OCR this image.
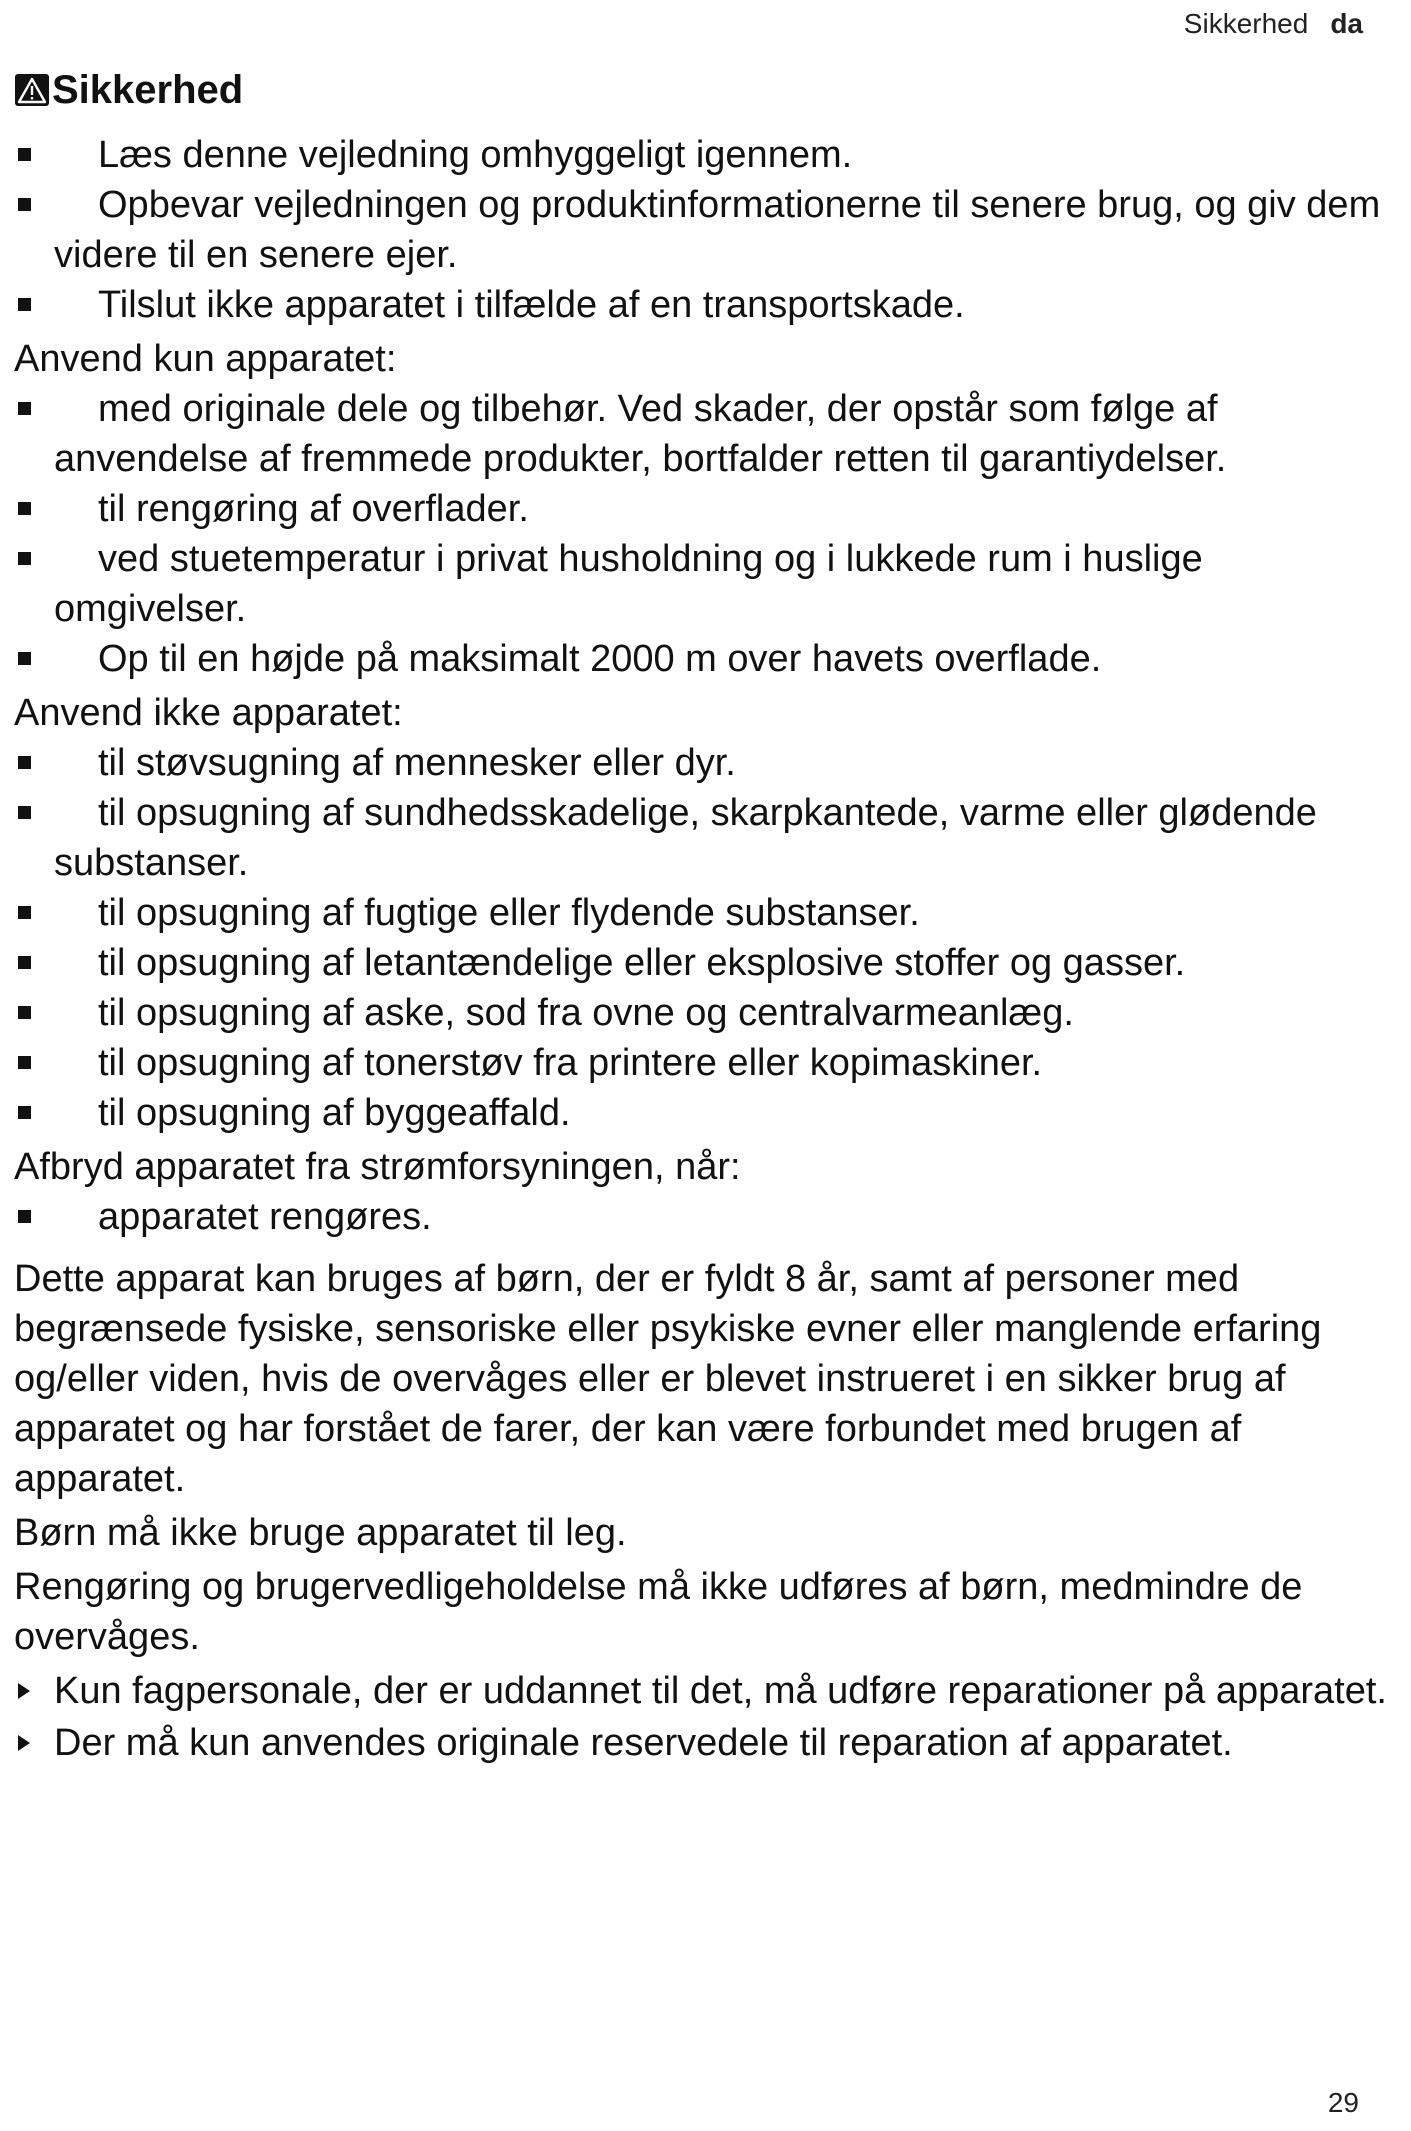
Sikkerhed da
Sikkerhed
Læs denne vejledning omhyggeligt igennem.
Opbevar vejledningen og produktinformationerne til senere brug, og giv dem videre til en senere ejer.
Tilslut ikke apparatet i tilfælde af en transportskade.
Anvend kun apparatet:
med originale dele og tilbehør. Ved skader, der opstår som følge af anvendelse af fremmede produkter, bortfalder retten til garantiydelser.
til rengøring af overflader.
ved stuetemperatur i privat husholdning og i lukkede rum i huslige omgivelser.
Op til en højde på maksimalt 2000 m over havets overflade.
Anvend ikke apparatet:
til støvsugning af mennesker eller dyr.
til opsugning af sundhedsskadelige, skarpkantede, varme eller glødende substanser.
til opsugning af fugtige eller flydende substanser.
til opsugning af letantændelige eller eksplosive stoffer og gasser.
til opsugning af aske, sod fra ovne og centralvarmeanlæg.
til opsugning af tonerstøv fra printere eller kopimaskiner.
til opsugning af byggeaffald.
Afbryd apparatet fra strømforsyningen, når:
apparatet rengøres.
Dette apparat kan bruges af børn, der er fyldt 8 år, samt af personer med begrænsede fysiske, sensoriske eller psykiske evner eller manglende erfaring og/eller viden, hvis de overvåges eller er blevet instrueret i en sikker brug af apparatet og har forstået de farer, der kan være forbundet med brugen af apparatet.
Børn må ikke bruge apparatet til leg.
Rengøring og brugervedligeholdelse må ikke udføres af børn, medmindre de overvåges.
Kun fagpersonale, der er uddannet til det, må udføre reparationer på apparatet.
Der må kun anvendes originale reservedele til reparation af apparatet.
29
